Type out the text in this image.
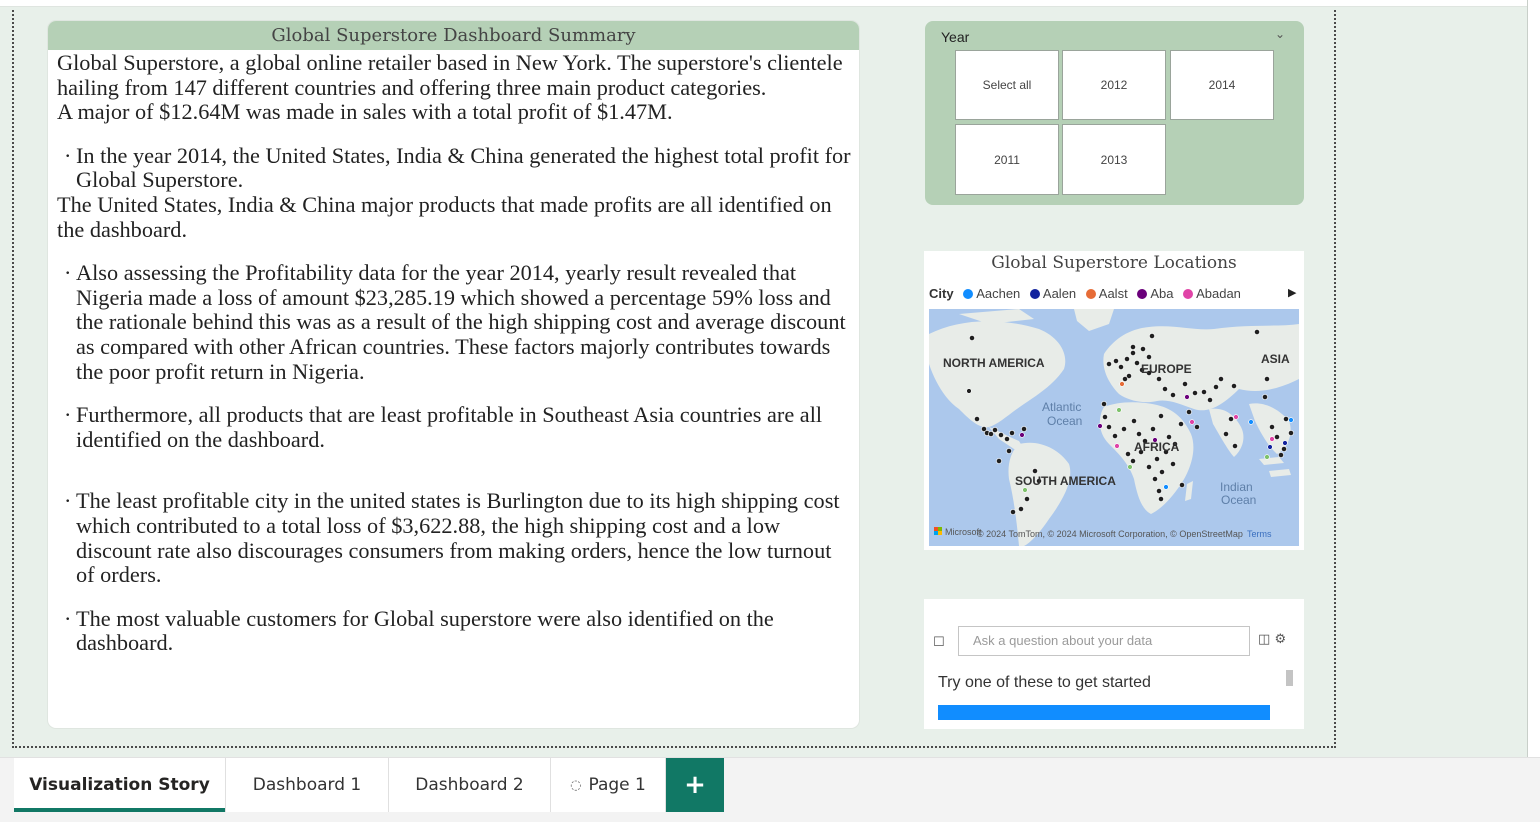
Global Superstore Dashboard Summary

Global Superstore, a global online retailer based in New York. The superstore's clientele hailing from 147 different countries and offering three main product categories.

A major of $12.64M was made in sales with a total profit of $1.47M.

· In the year 2014, the United States, India & China generated the highest total profit for Global Superstore.

The United States, India & China major products that made profits are all identified on the dashboard.

· Also assessing the Profitability data for the year 2014, yearly result revealed that Nigeria made a loss of amount $23,285.19 which showed a percentage 59% loss and the rationale behind this was as a result of the high shipping cost and average discount as compared with other African countries. These factors majorly contributes towards the poor profit return in Nigeria.
· Furthermore, all products that are least profitable in Southeast Asia countries are all identified on the dashboard.
· The least profitable city in the united states is Burlington due to its high shipping cost which contributed to a total loss of $3,622.88, the high shipping cost and a low discount rate also discourages consumers from making orders, hence the low turnout of orders.
· The most valuable customers for Global superstore were also identified on the dashboard.
Year	⌄
Select all	2012	2014
2011	2013
Global Superstore Locations
City Aachen Aalen Aalst Aba Abadan	▶
NORTH AMERICA	EUROPE
ASIA
AFRICA
SOUTH AMERICA
Atlantic
Ocean
Indian
Ocean
Microsoft
© 2024 TomTom, © 2024 Microsoft Corporation, © OpenStreetMap Terms
☐	Ask a question about your data	◫ ⚙
Try one of these to get started
Visualization Story	Dashboard 1	Dashboard 2	◌ Page 1	+
